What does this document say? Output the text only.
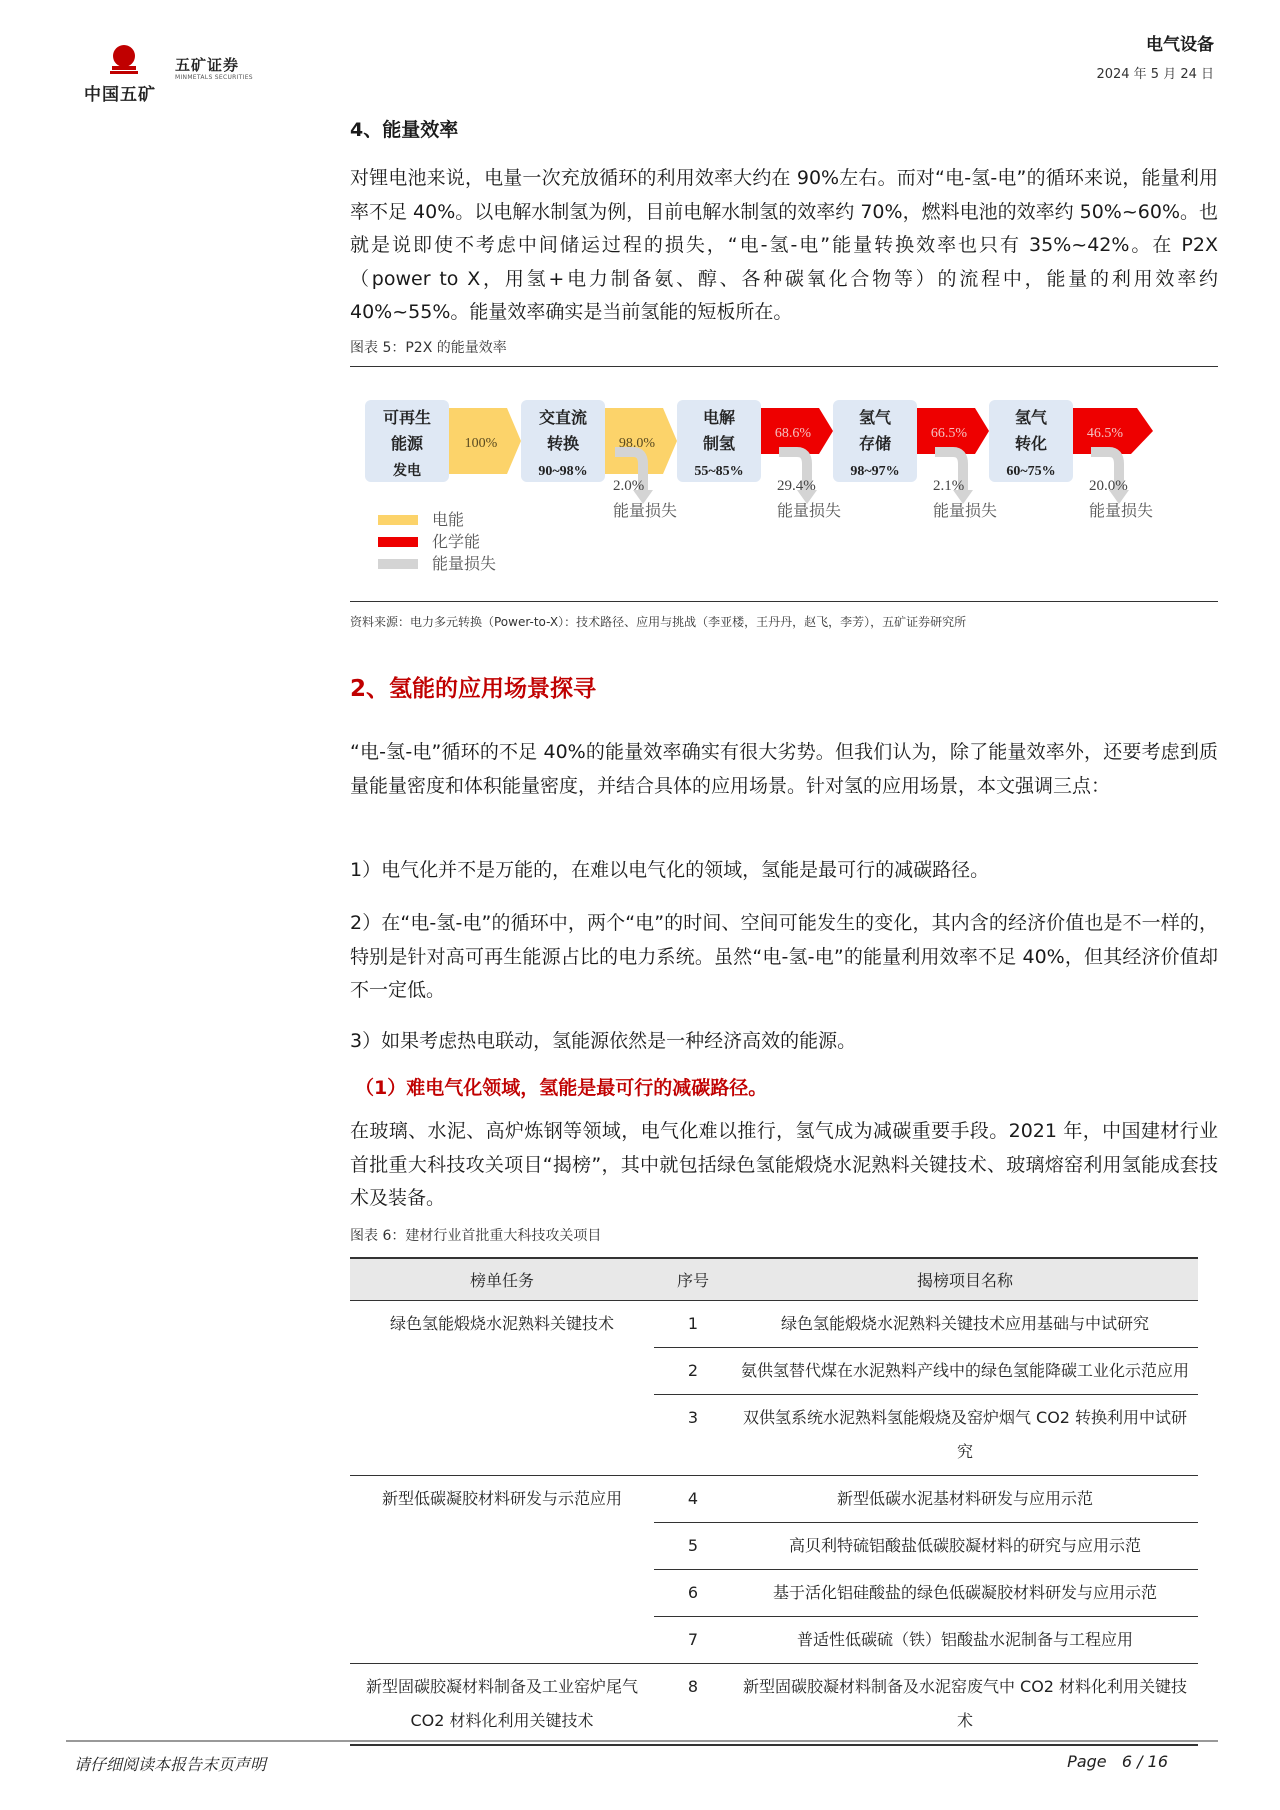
中国五矿
五矿证券
MINMETALS SECURITIES
电气设备
2024 年 5 月 24 日
4、能量效率

对锂电池来说，电量一次充放循环的利用效率大约在 90%左右。而对“电-氢-电”的循环来说，能量利用率不足 40%。以电解水制氢为例，目前电解水制氢的效率约 70%，燃料电池的效率约 50%~60%。也就是说即使不考虑中间储运过程的损失，“电-氢-电”能量转换效率也只有 35%~42%。在 P2X（power to X，用氢+电力制备氨、醇、各种碳氧化合物等）的流程中，能量的利用效率约 40%~55%。能量效率确实是当前氢能的短板所在。

图表 5：P2X 的能量效率
可再生
能源
发电
交直流
转换
90~98%
电解
制氢
55~85%
氢气
存储
98~97%
氢气
转化
60~75%
100%	98.0%
68.6%	66.5%	46.5%
2.0%
能量损失
29.4%
能量损失
2.1%
能量损失
20.0%
能量损失
电能
化学能
能量损失
资料来源：电力多元转换（Power-to-X）：技术路径、应用与挑战（李亚楼，王丹丹，赵飞，李芳），五矿证券研究所
2、氢能的应用场景探寻

“电-氢-电”循环的不足 40%的能量效率确实有很大劣势。但我们认为，除了能量效率外，还要考虑到质量能量密度和体积能量密度，并结合具体的应用场景。针对氢的应用场景，本文强调三点：

1）电气化并不是万能的，在难以电气化的领域，氢能是最可行的减碳路径。

2）在“电-氢-电”的循环中，两个“电”的时间、空间可能发生的变化，其内含的经济价值也是不一样的，特别是针对高可再生能源占比的电力系统。虽然“电-氢-电”的能量利用效率不足 40%，但其经济价值却不一定低。

3）如果考虑热电联动，氢能源依然是一种经济高效的能源。

（1）难电气化领域，氢能是最可行的减碳路径。

在玻璃、水泥、高炉炼钢等领域，电气化难以推行，氢气成为减碳重要手段。2021 年，中国建材行业首批重大科技攻关项目“揭榜”，其中就包括绿色氢能煅烧水泥熟料关键技术、玻璃熔窑利用氢能成套技术及装备。

图表 6：建材行业首批重大科技攻关项目
榜单任务	序号	揭榜项目名称
绿色氢能煅烧水泥熟料关键技术	1	绿色氢能煅烧水泥熟料关键技术应用基础与中试研究
	2	氨供氢替代煤在水泥熟料产线中的绿色氢能降碳工业化示范应用
	3	双供氢系统水泥熟料氢能煅烧及窑炉烟气 CO2 转换利用中试研究
新型低碳凝胶材料研发与示范应用	4	新型低碳水泥基材料研发与应用示范
	5	高贝利特硫铝酸盐低碳胶凝材料的研究与应用示范
	6	基于活化铝硅酸盐的绿色低碳凝胶材料研发与应用示范
	7	普适性低碳硫（铁）铝酸盐水泥制备与工程应用
新型固碳胶凝材料制备及工业窑炉尾气 CO2 材料化利用关键技术	8	新型固碳胶凝材料制备及水泥窑废气中 CO2 材料化利用关键技术
请仔细阅读本报告末页声明	Page 6 / 16
